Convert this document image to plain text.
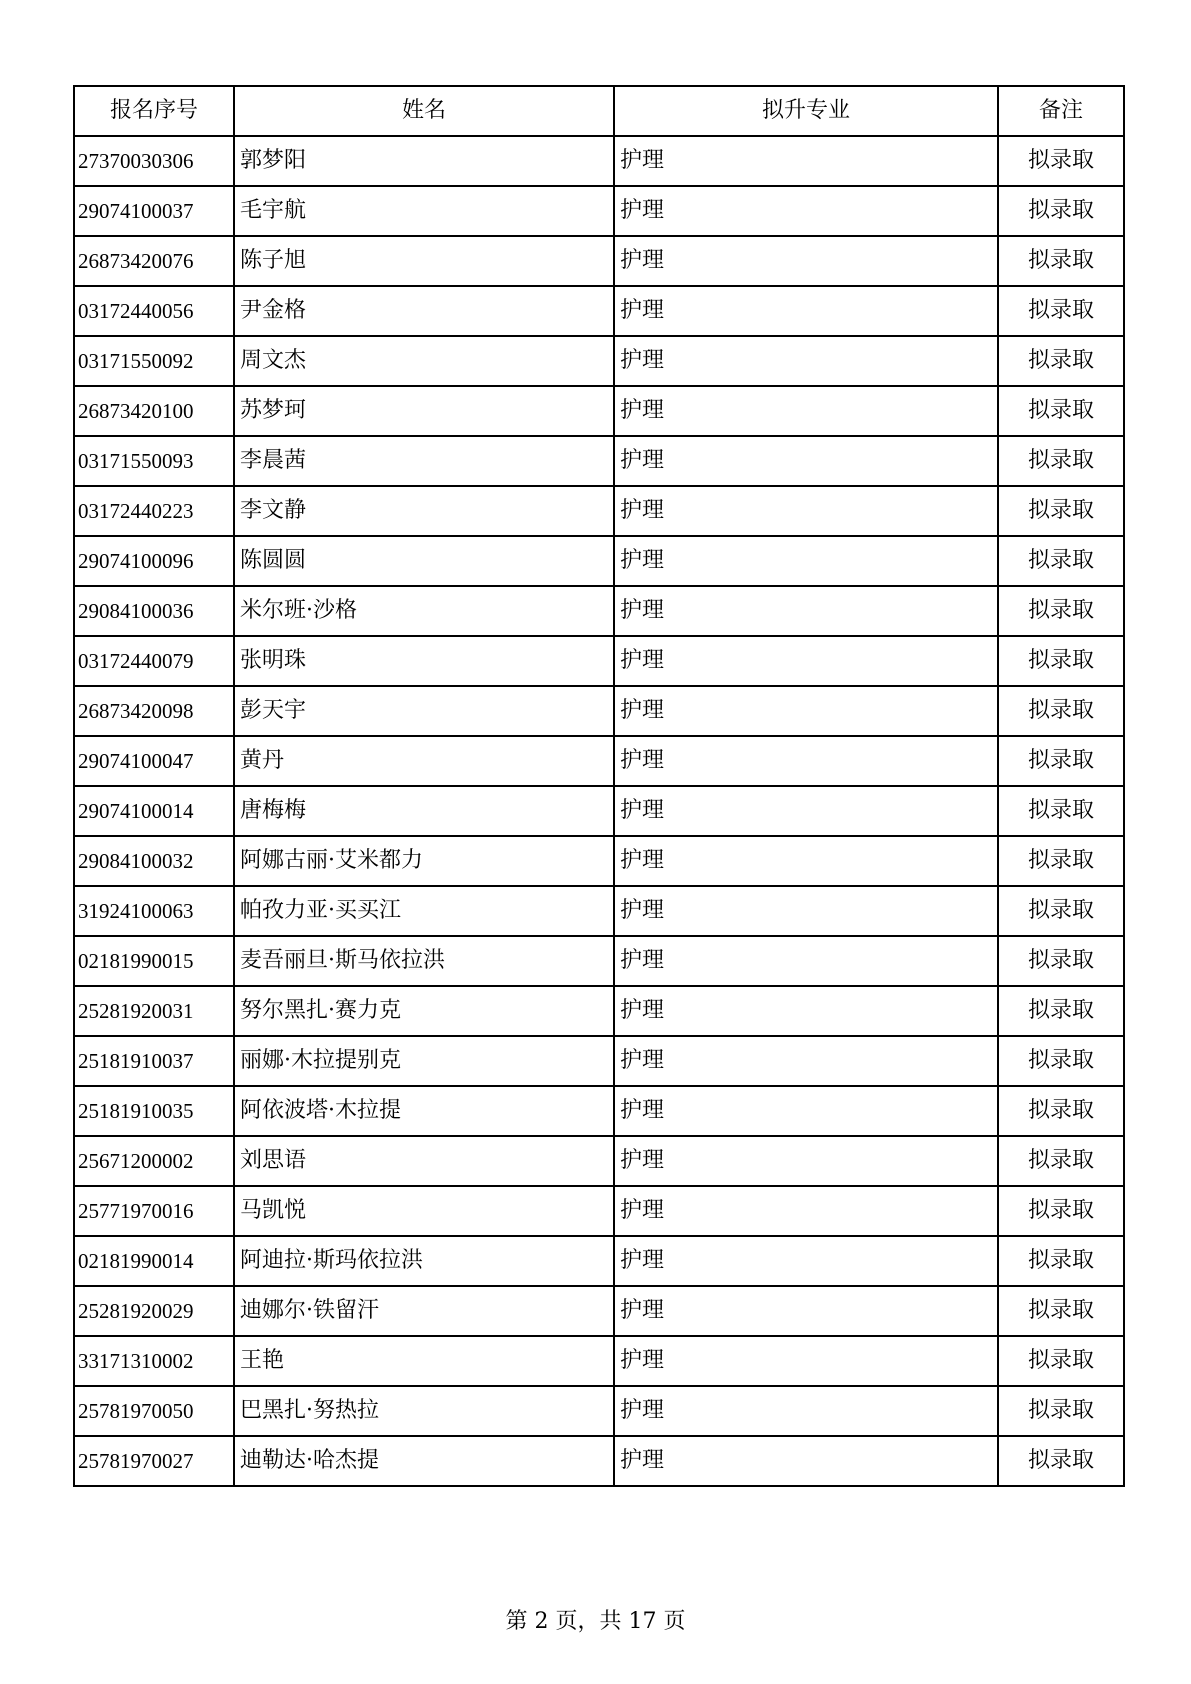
报名序号	姓名	拟升专业	备注
27370030306	郭梦阳	护理	拟录取
29074100037	毛宇航	护理	拟录取
26873420076	陈子旭	护理	拟录取
03172440056	尹金格	护理	拟录取
03171550092	周文杰	护理	拟录取
26873420100	苏梦珂	护理	拟录取
03171550093	李晨茜	护理	拟录取
03172440223	李文静	护理	拟录取
29074100096	陈圆圆	护理	拟录取
29084100036	米尔班·沙格	护理	拟录取
03172440079	张明珠	护理	拟录取
26873420098	彭天宇	护理	拟录取
29074100047	黄丹	护理	拟录取
29074100014	唐梅梅	护理	拟录取
29084100032	阿娜古丽·艾米都力	护理	拟录取
31924100063	帕孜力亚·买买江	护理	拟录取
02181990015	麦吾丽旦·斯马依拉洪	护理	拟录取
25281920031	努尔黑扎·赛力克	护理	拟录取
25181910037	丽娜·木拉提别克	护理	拟录取
25181910035	阿依波塔·木拉提	护理	拟录取
25671200002	刘思语	护理	拟录取
25771970016	马凯悦	护理	拟录取
02181990014	阿迪拉·斯玛依拉洪	护理	拟录取
25281920029	迪娜尔·铁留汗	护理	拟录取
33171310002	王艳	护理	拟录取
25781970050	巴黑扎·努热拉	护理	拟录取
25781970027	迪勒达·哈杰提	护理	拟录取
第 2 页，共 17 页
